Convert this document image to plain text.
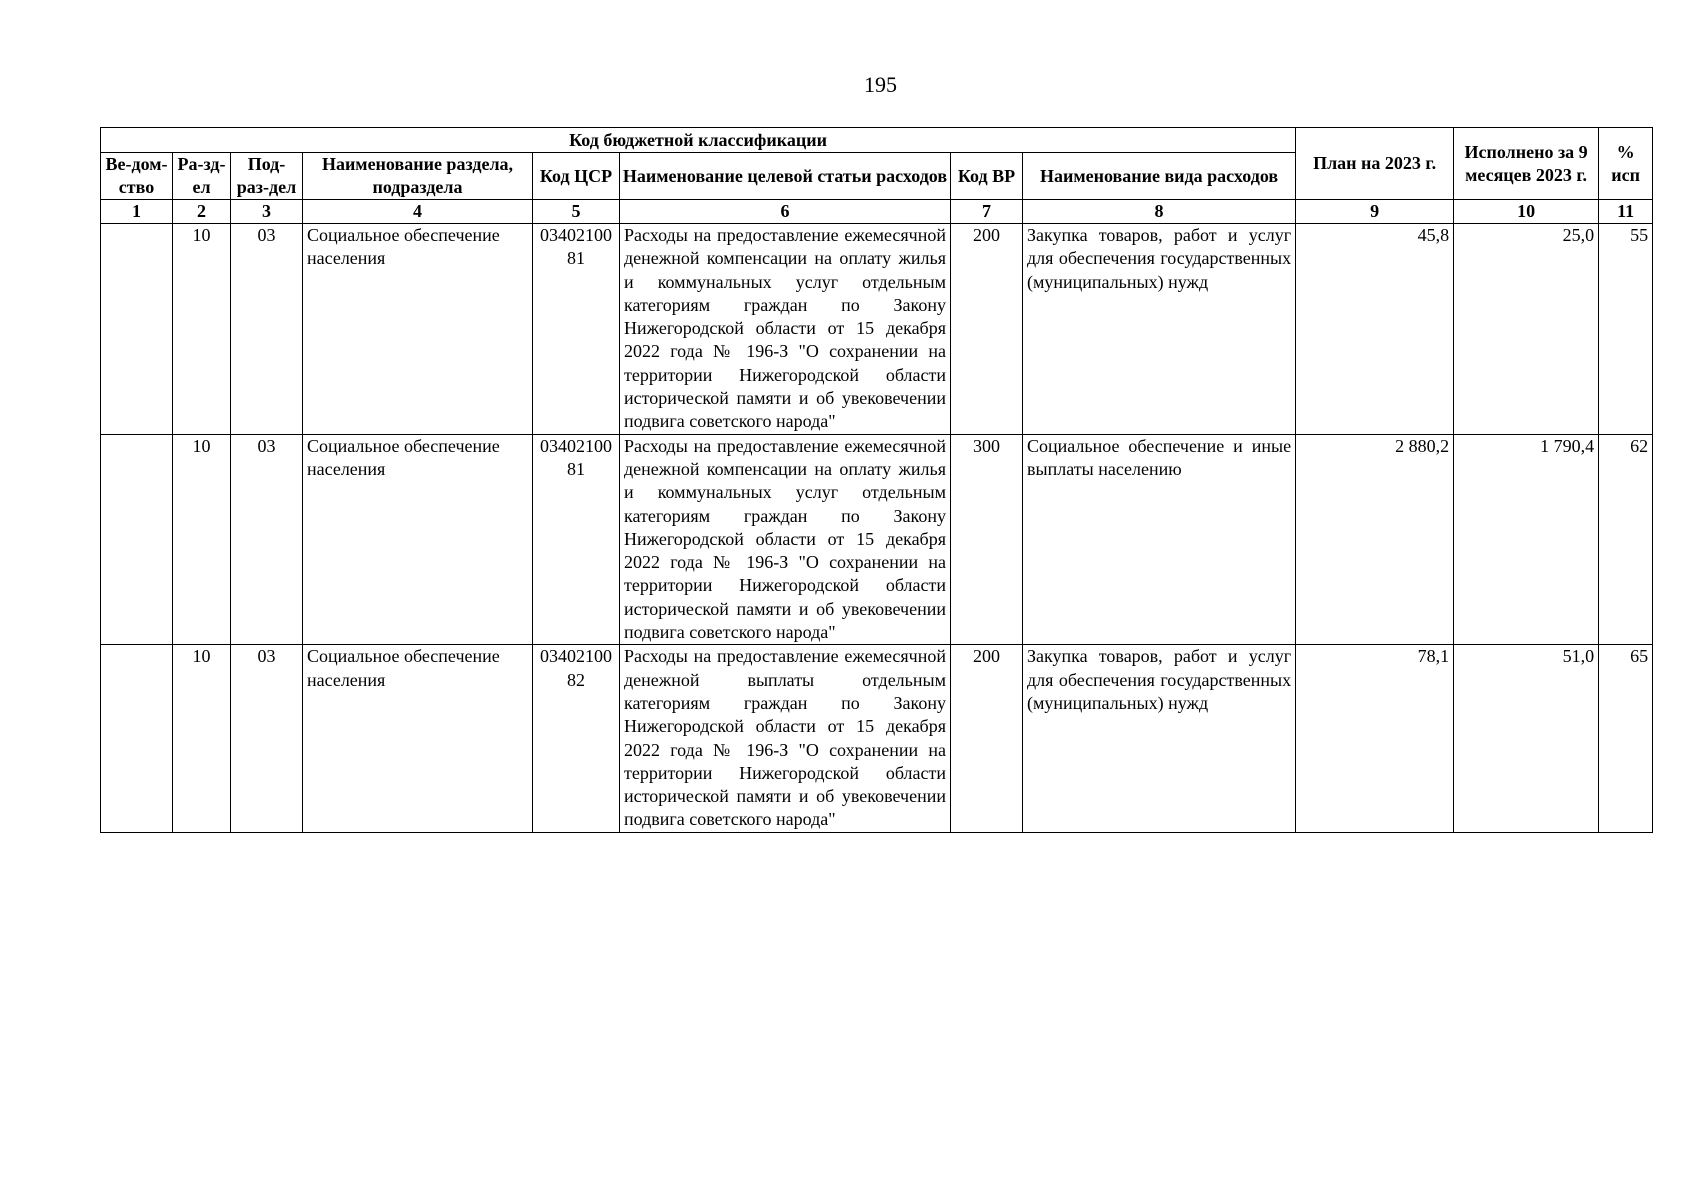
195
Код бюджетной классификации								План на 2023 г.	Исполнено за 9 месяцев 2023 г.	% исп
Ве-дом-ство	Ра-зд-ел	Под-раз-дел	Наименование раздела, подраздела	Код ЦСР	Наименование целевой статьи расходов	Код ВР	Наименование вида расходов			
1	2	3	4	5	6	7	8	9	10	11
	10	03	Социальное обеспечение населения	0340210081	Расходы на предоставление ежемесячной денежной компенсации на оплату жилья и коммунальных услуг отдельным категориям граждан по Закону Нижегородской области от 15 декабря 2022 года № 196-З "О сохранении на территории Нижегородской области исторической памяти и об увековечении подвига советского народа"	200	Закупка товаров, работ и услуг для обеспечения государственных (муниципальных) нужд	45,8	25,0	55
	10	03	Социальное обеспечение населения	0340210081	Расходы на предоставление ежемесячной денежной компенсации на оплату жилья и коммунальных услуг отдельным категориям граждан по Закону Нижегородской области от 15 декабря 2022 года № 196-З "О сохранении на территории Нижегородской области исторической памяти и об увековечении подвига советского народа"	300	Социальное обеспечение и иные выплаты населению	2 880,2	1 790,4	62
	10	03	Социальное обеспечение населения	0340210082	Расходы на предоставление ежемесячной денежной выплаты отдельным категориям граждан по Закону Нижегородской области от 15 декабря 2022 года № 196-З "О сохранении на территории Нижегородской области исторической памяти и об увековечении подвига советского народа"	200	Закупка товаров, работ и услуг для обеспечения государственных (муниципальных) нужд	78,1	51,0	65
